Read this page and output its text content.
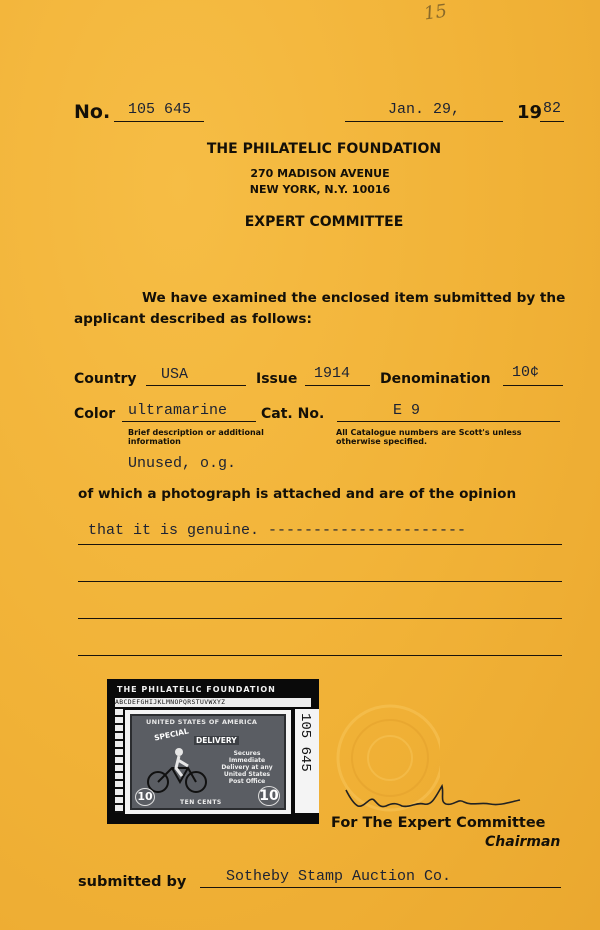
15
No. 105 645	Jan. 29,	19 82
THE PHILATELIC FOUNDATION
270 MADISON AVENUE
NEW YORK, N.Y. 10016
EXPERT COMMITTEE
We have examined the enclosed item submitted by the
applicant described as follows:
Country USA	Issue 1914 Denomination 10¢
Color ultramarine Cat. No.	E 9
Brief description or additional
information
All Catalogue numbers are Scott's unless
otherwise specified.
Unused, o.g.
of which a photograph is attached and are of the opinion
that it is genuine. ----------------------
THE PHILATELIC FOUNDATION
ABCDEFGHIJKLMNOPQRSTUVWXYZ
UNITED STATES OF AMERICA
SPECIAL DELIVERY
Secures Immediate Delivery at any United States Post Office
TEN CENTS	10
10
105 645
For The Expert Committee
Chairman
submitted by	Sotheby Stamp Auction Co.
